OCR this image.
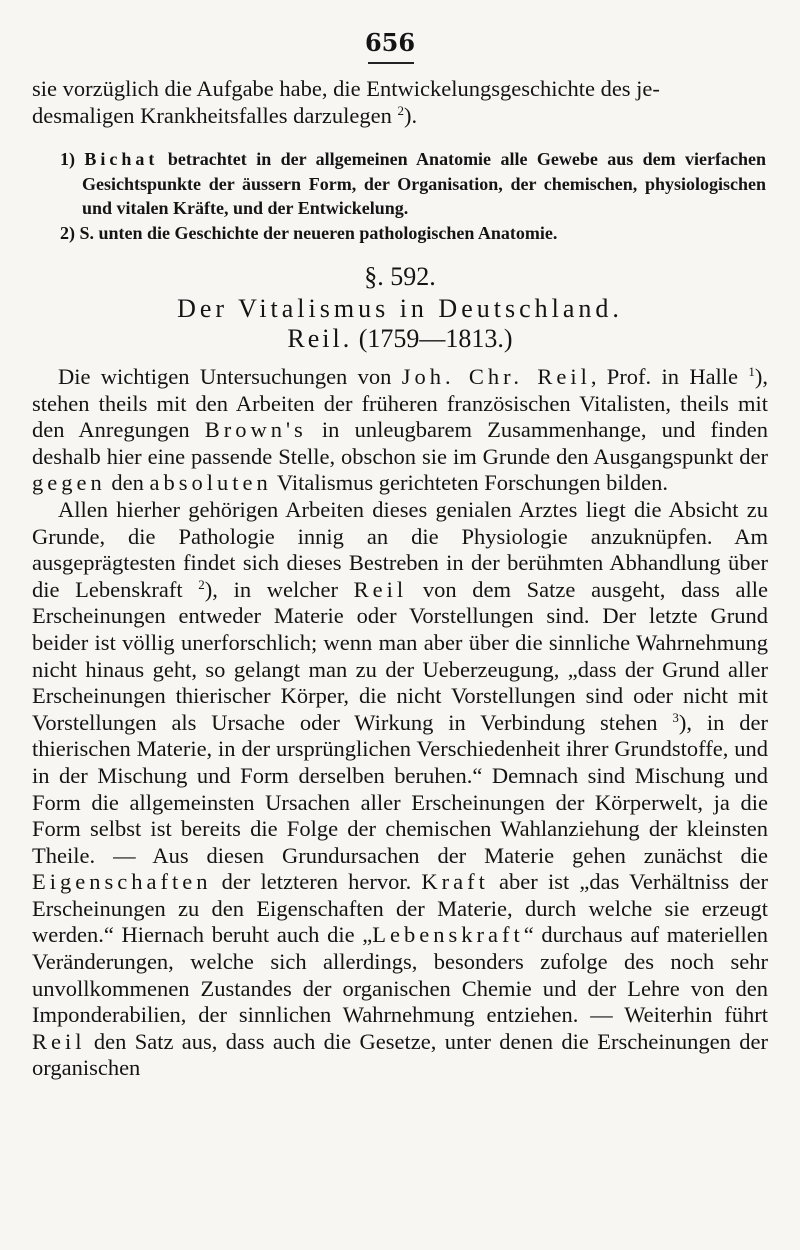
656

sie vorzüglich die Aufgabe habe, die Entwickelungsgeschichte des je-
desmaligen Krankheitsfalles darzulegen $^2$).

1) Bichat betrachtet in der allgemeinen Anatomie alle Gewebe aus dem vierfachen Gesichtspunkte der äussern Form, der Organisation, der chemischen, physiologischen und vitalen Kräfte, und der Entwickelung.

2) S. unten die Geschichte der neueren pathologischen Anatomie.

§. 592.

Der Vitalismus in Deutschland.

Reil. (1759—1813.)

Die wichtigen Untersuchungen von Joh. Chr. Reil, Prof. in Halle $^1$), stehen theils mit den Arbeiten der früheren französischen Vitalisten, theils mit den Anregungen Brown's in unleugbarem Zusammenhange, und finden deshalb hier eine passende Stelle, obschon sie im Grunde den Ausgangspunkt der gegen den absoluten Vitalismus gerichteten Forschungen bilden.

Allen hierher gehörigen Arbeiten dieses genialen Arztes liegt die Absicht zu Grunde, die Pathologie innig an die Physiologie anzuknüpfen. Am ausgeprägtesten findet sich dieses Bestreben in der berühmten Abhandlung über die Lebenskraft $^2$), in welcher Reil von dem Satze ausgeht, dass alle Erscheinungen entweder Materie oder Vorstellungen sind. Der letzte Grund beider ist völlig unerforschlich; wenn man aber über die sinnliche Wahrnehmung nicht hinaus geht, so gelangt man zu der Ueberzeugung, „dass der Grund aller Erscheinungen thierischer Körper, die nicht Vorstellungen sind oder nicht mit Vorstellungen als Ursache oder Wirkung in Verbindung stehen $^3$), in der thierischen Materie, in der ursprünglichen Verschiedenheit ihrer Grundstoffe, und in der Mischung und Form derselben beruhen.“ Demnach sind Mischung und Form die allgemeinsten Ursachen aller Erscheinungen der Körperwelt, ja die Form selbst ist bereits die Folge der chemischen Wahlanziehung der kleinsten Theile. — Aus diesen Grundursachen der Materie gehen zunächst die Eigenschaften der letzteren hervor. Kraft aber ist „das Verhältniss der Erscheinungen zu den Eigenschaften der Materie, durch welche sie erzeugt werden.“ Hiernach beruht auch die „Lebenskraft“ durchaus auf materiellen Veränderungen, welche sich allerdings, besonders zufolge des noch sehr unvollkommenen Zustandes der organischen Chemie und der Lehre von den Imponderabilien, der sinnlichen Wahrnehmung entziehen. — Weiterhin führt Reil den Satz aus, dass auch die Gesetze, unter denen die Erscheinungen der organischen
